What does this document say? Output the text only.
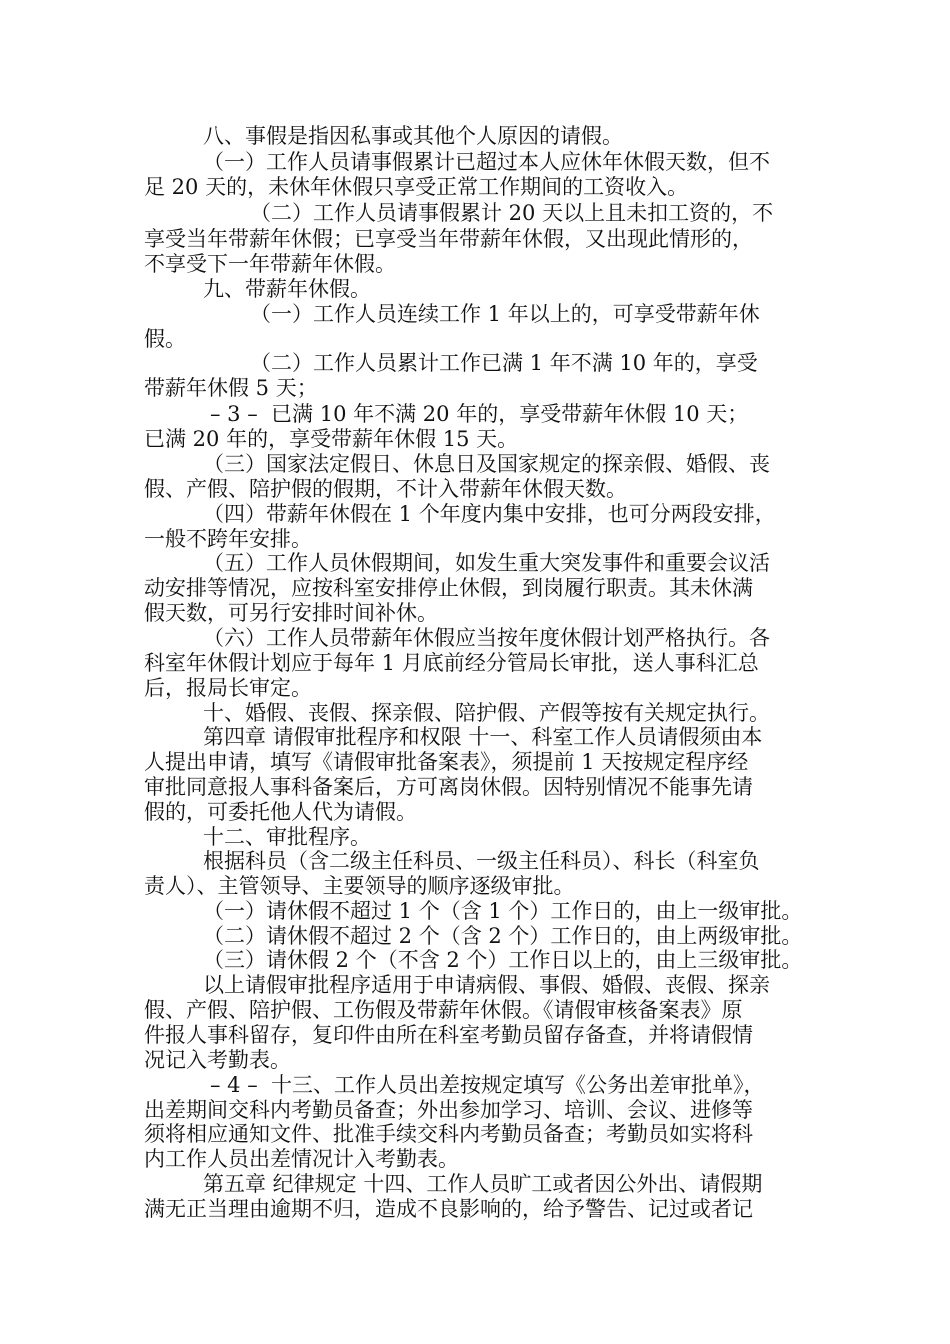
八、事假是指因私事或其他个人原因的请假。

（一）工作人员请事假累计已超过本人应休年休假天数，但不

足 20 天的，未休年休假只享受正常工作期间的工资收入。

（二）工作人员请事假累计 20 天以上且未扣工资的，不

享受当年带薪年休假；已享受当年带薪年休假，又出现此情形的，

不享受下一年带薪年休假。

九、带薪年休假。

（一）工作人员连续工作 1 年以上的，可享受带薪年休

假。

（二）工作人员累计工作已满 1 年不满 10 年的，享受

带薪年休假 5 天；

– 3 –  已满 10 年不满 20 年的，享受带薪年休假 10 天；

已满 20 年的，享受带薪年休假 15 天。

（三）国家法定假日、休息日及国家规定的探亲假、婚假、丧

假、产假、陪护假的假期，不计入带薪年休假天数。

（四）带薪年休假在 1 个年度内集中安排，也可分两段安排，

一般不跨年安排。

（五）工作人员休假期间，如发生重大突发事件和重要会议活

动安排等情况，应按科室安排停止休假，到岗履行职责。其未休满

假天数，可另行安排时间补休。

（六）工作人员带薪年休假应当按年度休假计划严格执行。各

科室年休假计划应于每年 1 月底前经分管局长审批，送人事科汇总

后，报局长审定。

十、婚假、丧假、探亲假、陪护假、产假等按有关规定执行。

第四章 请假审批程序和权限 十一、科室工作人员请假须由本

人提出申请，填写《请假审批备案表》，须提前 1 天按规定程序经

审批同意报人事科备案后，方可离岗休假。因特别情况不能事先请

假的，可委托他人代为请假。

十二、审批程序。

根据科员（含二级主任科员、一级主任科员）、科长（科室负

责人）、主管领导、主要领导的顺序逐级审批。

（一）请休假不超过 1 个（含 1 个）工作日的，由上一级审批。

（二）请休假不超过 2 个（含 2 个）工作日的，由上两级审批。

（三）请休假 2 个（不含 2 个）工作日以上的，由上三级审批。

以上请假审批程序适用于申请病假、事假、婚假、丧假、探亲

假、产假、陪护假、工伤假及带薪年休假。《请假审核备案表》原

件报人事科留存，复印件由所在科室考勤员留存备查，并将请假情

况记入考勤表。

– 4 –  十三、工作人员出差按规定填写《公务出差审批单》，

出差期间交科内考勤员备查；外出参加学习、培训、会议、进修等

须将相应通知文件、批准手续交科内考勤员备查；考勤员如实将科

内工作人员出差情况计入考勤表。

第五章 纪律规定 十四、工作人员旷工或者因公外出、请假期

满无正当理由逾期不归，造成不良影响的，给予警告、记过或者记
